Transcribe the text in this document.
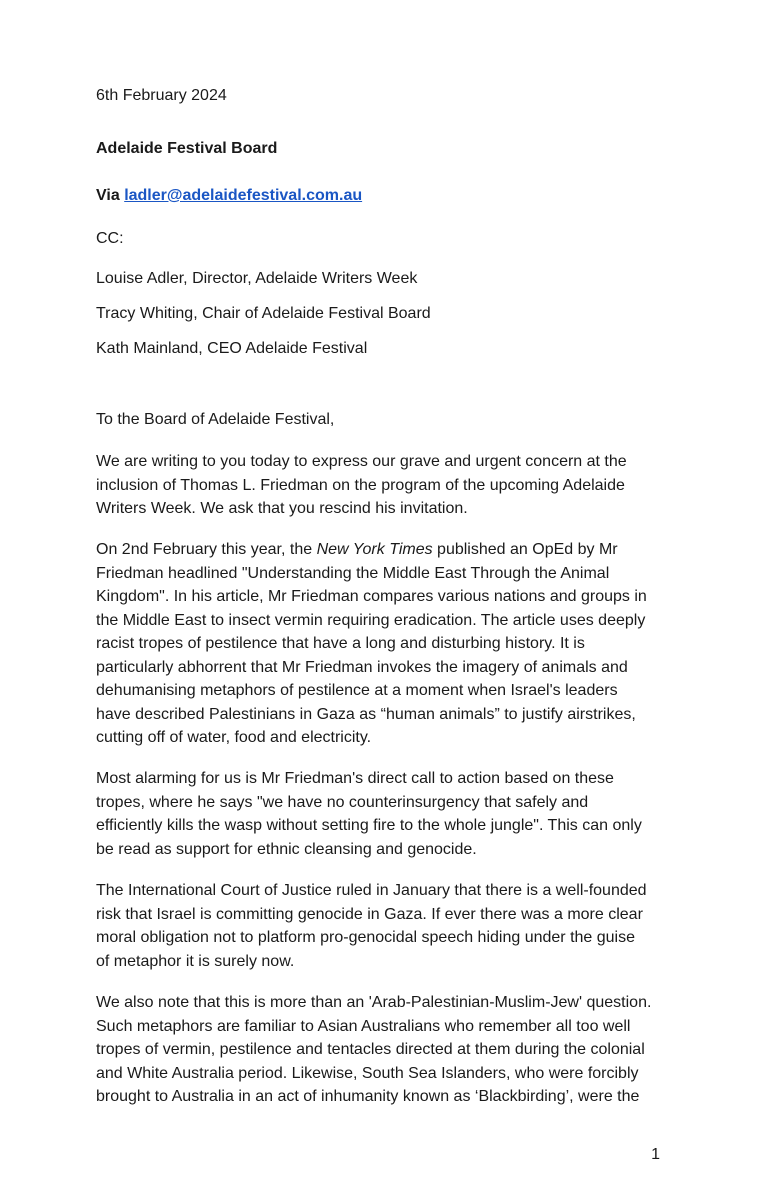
6th February 2024

Adelaide Festival Board

Via ladler@adelaidefestival.com.au

CC:

Louise Adler, Director, Adelaide Writers Week

Tracy Whiting, Chair of Adelaide Festival Board

Kath Mainland, CEO Adelaide Festival

To the Board of Adelaide Festival,

We are writing to you today to express our grave and urgent concern at the
inclusion of Thomas L. Friedman on the program of the upcoming Adelaide
Writers Week. We ask that you rescind his invitation.
On 2nd February this year, the New York Times published an OpEd by Mr
Friedman headlined "Understanding the Middle East Through the Animal
Kingdom". In his article, Mr Friedman compares various nations and groups in
the Middle East to insect vermin requiring eradication. The article uses deeply
racist tropes of pestilence that have a long and disturbing history. It is
particularly abhorrent that Mr Friedman invokes the imagery of animals and
dehumanising metaphors of pestilence at a moment when Israel's leaders
have described Palestinians in Gaza as “human animals” to justify airstrikes,
cutting off of water, food and electricity.
Most alarming for us is Mr Friedman's direct call to action based on these
tropes, where he says "we have no counterinsurgency that safely and
efficiently kills the wasp without setting fire to the whole jungle". This can only
be read as support for ethnic cleansing and genocide.
The International Court of Justice ruled in January that there is a well-founded
risk that Israel is committing genocide in Gaza. If ever there was a more clear
moral obligation not to platform pro-genocidal speech hiding under the guise
of metaphor it is surely now.
We also note that this is more than an 'Arab-Palestinian-Muslim-Jew' question.
Such metaphors are familiar to Asian Australians who remember all too well
tropes of vermin, pestilence and tentacles directed at them during the colonial
and White Australia period. Likewise, South Sea Islanders, who were forcibly
brought to Australia in an act of inhumanity known as ‘Blackbirding’, were the
1
